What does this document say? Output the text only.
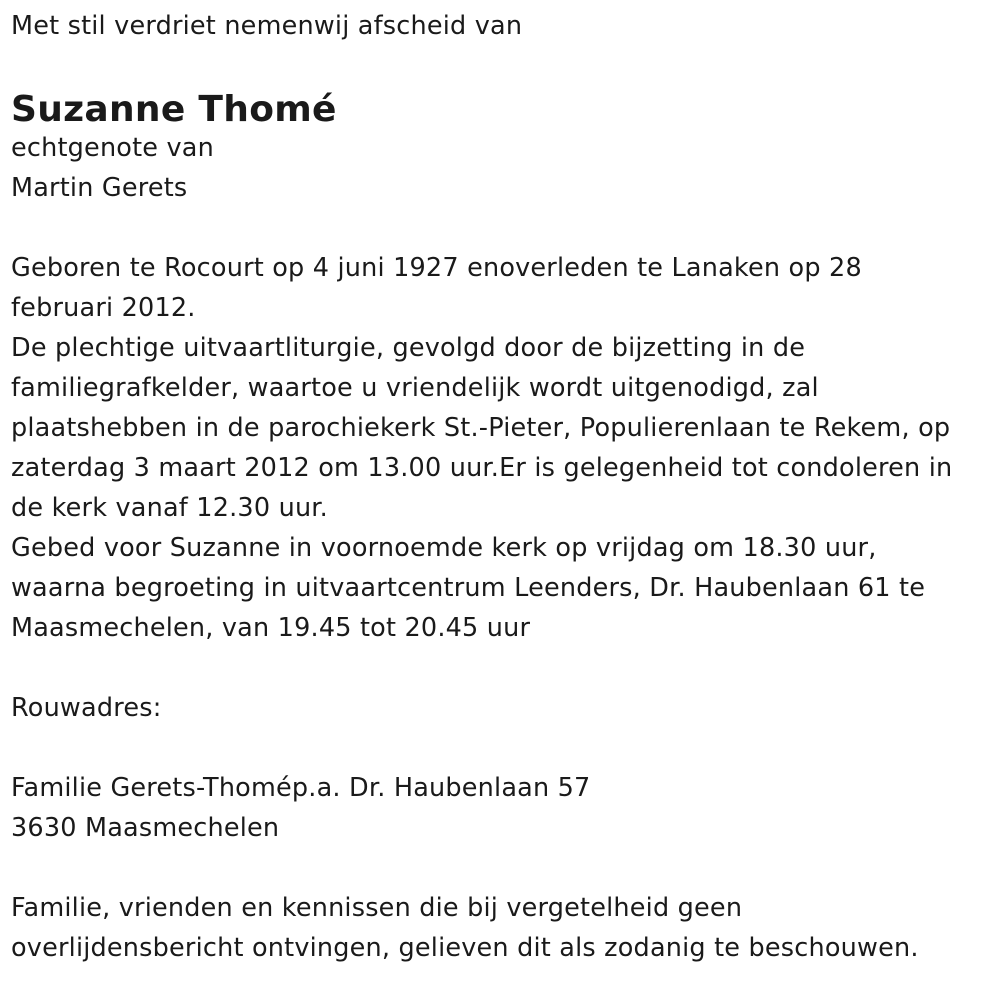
Met stil verdriet nemenwij afscheid van
Suzanne Thomé
echtgenote van
Martin Gerets
Geboren te Rocourt op 4 juni 1927 enoverleden te Lanaken op 28
februari 2012.
De plechtige uitvaartliturgie, gevolgd door de bijzetting in de
familiegrafkelder, waartoe u vriendelijk wordt uitgenodigd, zal
plaatshebben in de parochiekerk St.-Pieter, Populierenlaan te Rekem, op
zaterdag 3 maart 2012 om 13.00 uur.Er is gelegenheid tot condoleren in
de kerk vanaf 12.30 uur.
Gebed voor Suzanne in voornoemde kerk op vrijdag om 18.30 uur,
waarna begroeting in uitvaartcentrum Leenders, Dr. Haubenlaan 61 te
Maasmechelen, van 19.45 tot 20.45 uur
Rouwadres:
Familie Gerets-Thomép.a. Dr. Haubenlaan 57
3630 Maasmechelen
Familie, vrienden en kennissen die bij vergetelheid geen
overlijdensbericht ontvingen, gelieven dit als zodanig te beschouwen.
